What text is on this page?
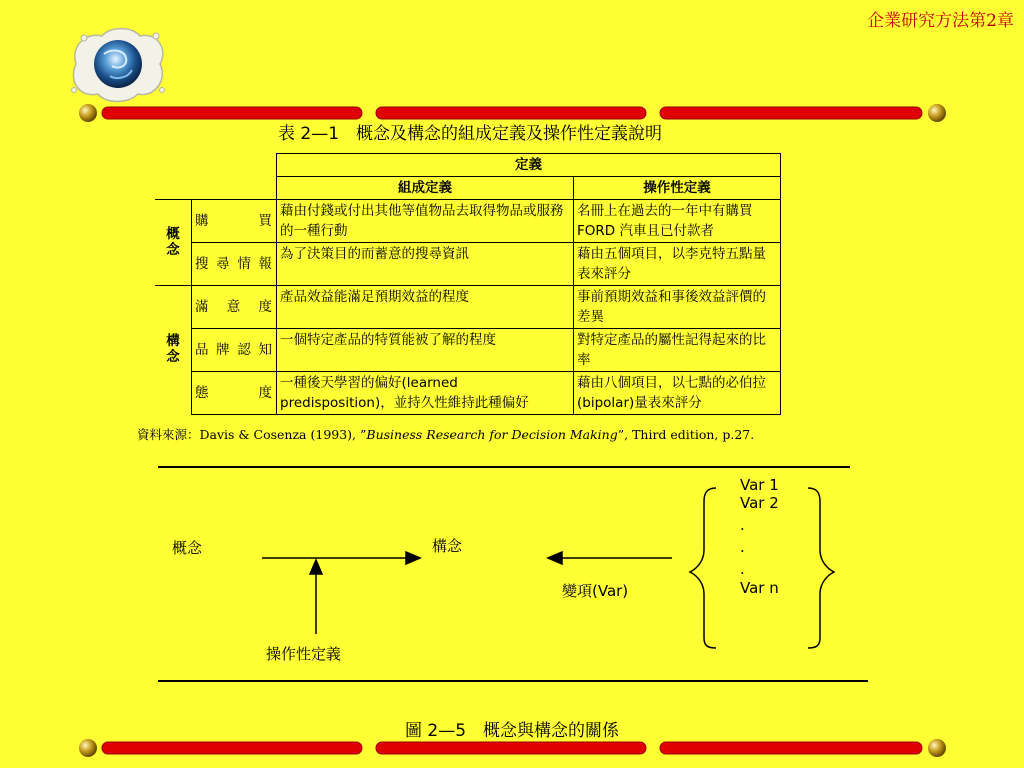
企業研究方法第2章
表 2—1　概念及構念的組成定義及操作性定義說明
		定義	
		組成定義	操作性定義
概念	購買	藉由付錢或付出其他等值物品去取得物品或服務的一種行動	名冊上在過去的一年中有購買 FORD 汽車且已付款者
	搜尋情報	為了決策目的而蓄意的搜尋資訊	藉由五個項目，以李克特五點量表來評分
構念	滿意度	產品效益能滿足預期效益的程度	事前預期效益和事後效益評價的差異
	品牌認知	一個特定產品的特質能被了解的程度	對特定產品的屬性記得起來的比率
	態度	一種後天學習的偏好(learned predisposition)，並持久性維持此種偏好	藉由八個項目，以七點的必伯拉(bipolar)量表來評分
資料來源：Davis & Cosenza (1993), ”Business Research for Decision Making”, Third edition, p.27.
概念	構念
操作性定義
變項(Var)
Var 1
Var 2
.
.
.
Var n
圖 2—5　概念與構念的關係
